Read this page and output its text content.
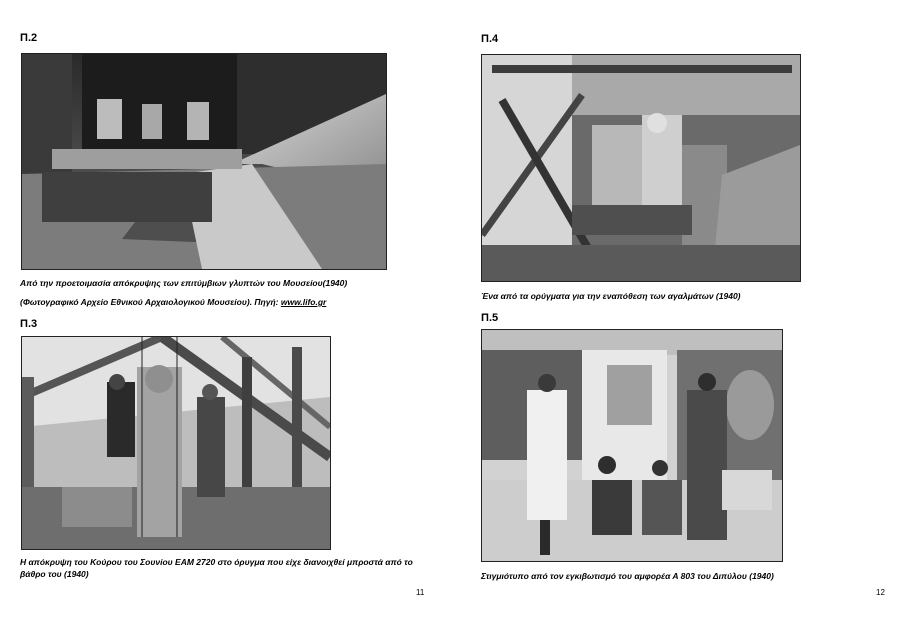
Π.2
Από την προετοιμασία απόκρυψης των επιτύμβιων γλυπτών του Μουσείου(1940)
(Φωτογραφικό Αρχείο Εθνικού Αρχαιολογικού Μουσείου). Πηγή: www.lifo.gr
Π.3
Η απόκρυψη του Κούρου του Σουνίου ΕΑΜ 2720 στο όρυγμα που είχε διανοιχθεί μπροστά από το βάθρο του (1940)
11
Π.4
Ένα από τα ορύγματα για την εναπόθεση των αγαλμάτων (1940)
Π.5
Στιγμιότυπο από τον εγκιβωτισμό του αμφορέα Α 803 του Διπύλου (1940)
12
